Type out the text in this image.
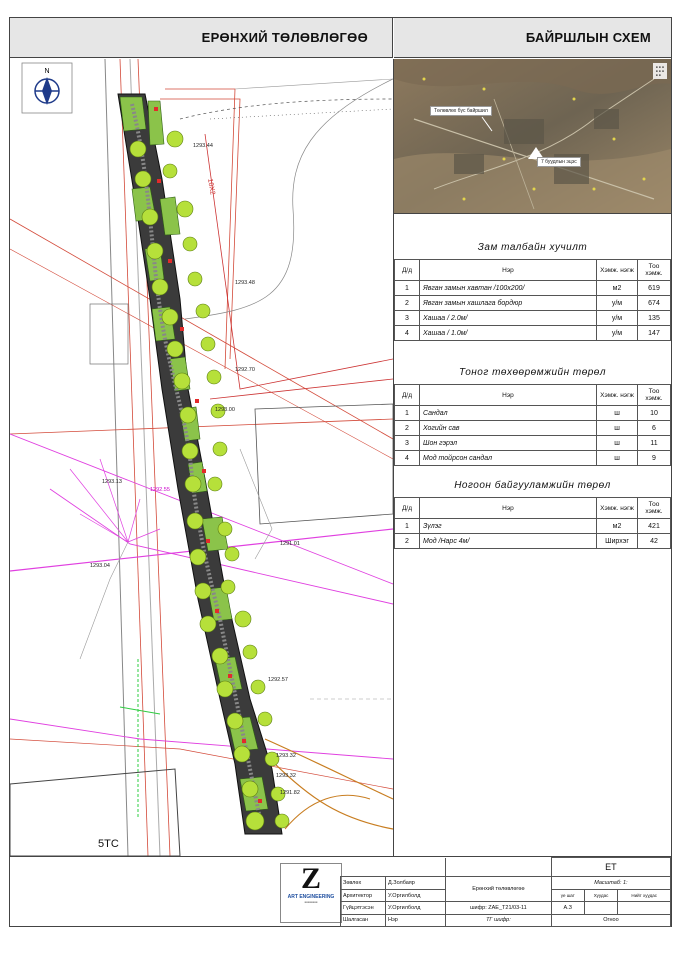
ЕРӨНХИЙ ТӨЛӨВЛӨГӨӨ	БАЙРШЛЫН СХЕМ
N
1293.44
1292.70
1292.57
1293.32
1293.32
1291.82
1293.13
1293.04
1292.55
1291.01
1293.48
1293.00
10X2
5TC
Төлөвлөх бүс байршил
7 буудлын эцэс
● ● ●
● ● ●
● ●
Зам талбайн хучилт
Д/д	Нэр	Хэмж. нэгж	Тоо хэмж.
1	Явган замын хавтан /100х200/	м2	619
2	Явган замын хашлага бордюр	у/м	674
3	Хашаа / 2.0м/	у/м	135
4	Хашаа / 1.0м/	у/м	147
Тоног төхөөрөмжийн төрөл
Д/д	Нэр	Хэмж. нэгж	Тоо хэмж.
1	Сандал	ш	10
2	Хогийн сав	ш	6
3	Шон гэрэл	ш	11
4	Мод тойрсон сандал	ш	9
Ногоон байгууламжийн төрөл
Д/д	Нэр	Хэмж. нэгж	Тоо хэмж.
1	Зүлэг	м2	421
2	Мод /Нарс 4м/	Ширхэг	42
Z
ART ENGINEERING
≡≡≡≡≡≡≡≡
			ЕТ		
Зөвлөх	Д.Золбаяр	Ерөнхий төлөвлөгөө	Масштаб: 1:		
Архитектор	У.Оргилболд		үе шат	Хуудас	Нийт хуудас
Гүйцэтгэсэн	У.Оргилболд	шифр: ZAE_T21/03-11	А.З		
Шалгасан	Нэр	ТГ шифр:	Огноо		
